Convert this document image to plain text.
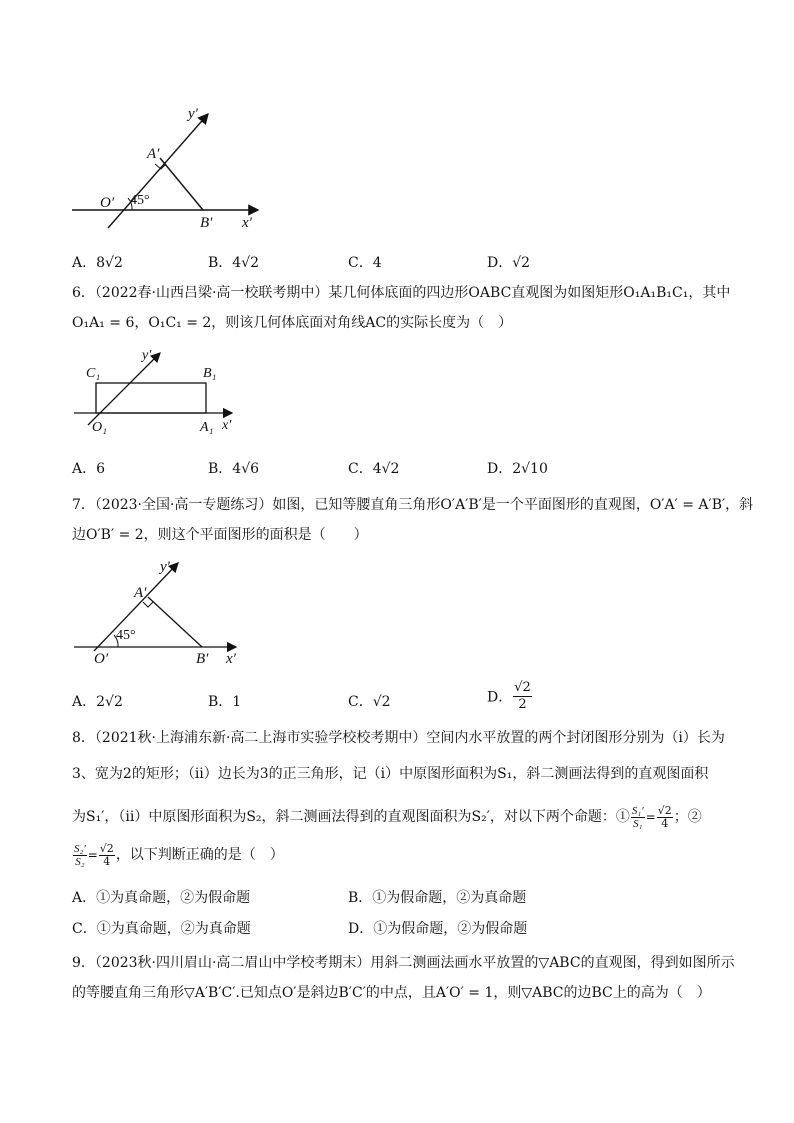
y′
A′
O′ 45°
B′ x′
A．8√2	B．4√2	C．4	D．√2
6．（2022春·山西吕梁·高一校联考期中）某几何体底面的四边形OABC直观图为如图矩形O₁A₁B₁C₁，其中
O₁A₁ = 6，O₁C₁ = 2，则该几何体底面对角线AC的实际长度为（　）
C₁	B₁
y′
O₁	A₁ x′
A．6	B．4√6	C．4√2	D．2√10
7．（2023·全国·高一专题练习）如图，已知等腰直角三角形O′A′B′是一个平面图形的直观图，O′A′ = A′B′，斜
边O′B′ = 2，则这个平面图形的面积是（　　）
y′
A′
45°
O′	B′ x′
A．2√2	B．1	C．√2	D． $\frac{√2}{2}$
8．（2021秋·上海浦东新·高二上海市实验学校校考期中）空间内水平放置的两个封闭图形分别为（i）长为
3、宽为2的矩形；（ii）边长为3的正三角形，记（i）中原图形面积为S₁，斜二测画法得到的直观图面积
为S₁′，（ii）中原图形面积为S₂，斜二测画法得到的直观图面积为S₂′，对以下两个命题：① $\frac{\text{S₁′}}{\text{S₁}} = \frac{√2}{4}$ ；②
$\frac{\text{S₂′}}{\text{S₂}} = \frac{√2}{4}$ ，以下判断正确的是（　）
A．①为真命题，②为假命题	B．①为假命题，②为真命题
C．①为真命题，②为真命题	D．①为假命题，②为假命题
9．（2023秋·四川眉山·高二眉山中学校考期末）用斜二测画法画水平放置的▽ABC的直观图，得到如图所示
的等腰直角三角形▽A′B′C′.已知点O′是斜边B′C′的中点，且A′O′ = 1，则▽ABC的边BC上的高为（　）
